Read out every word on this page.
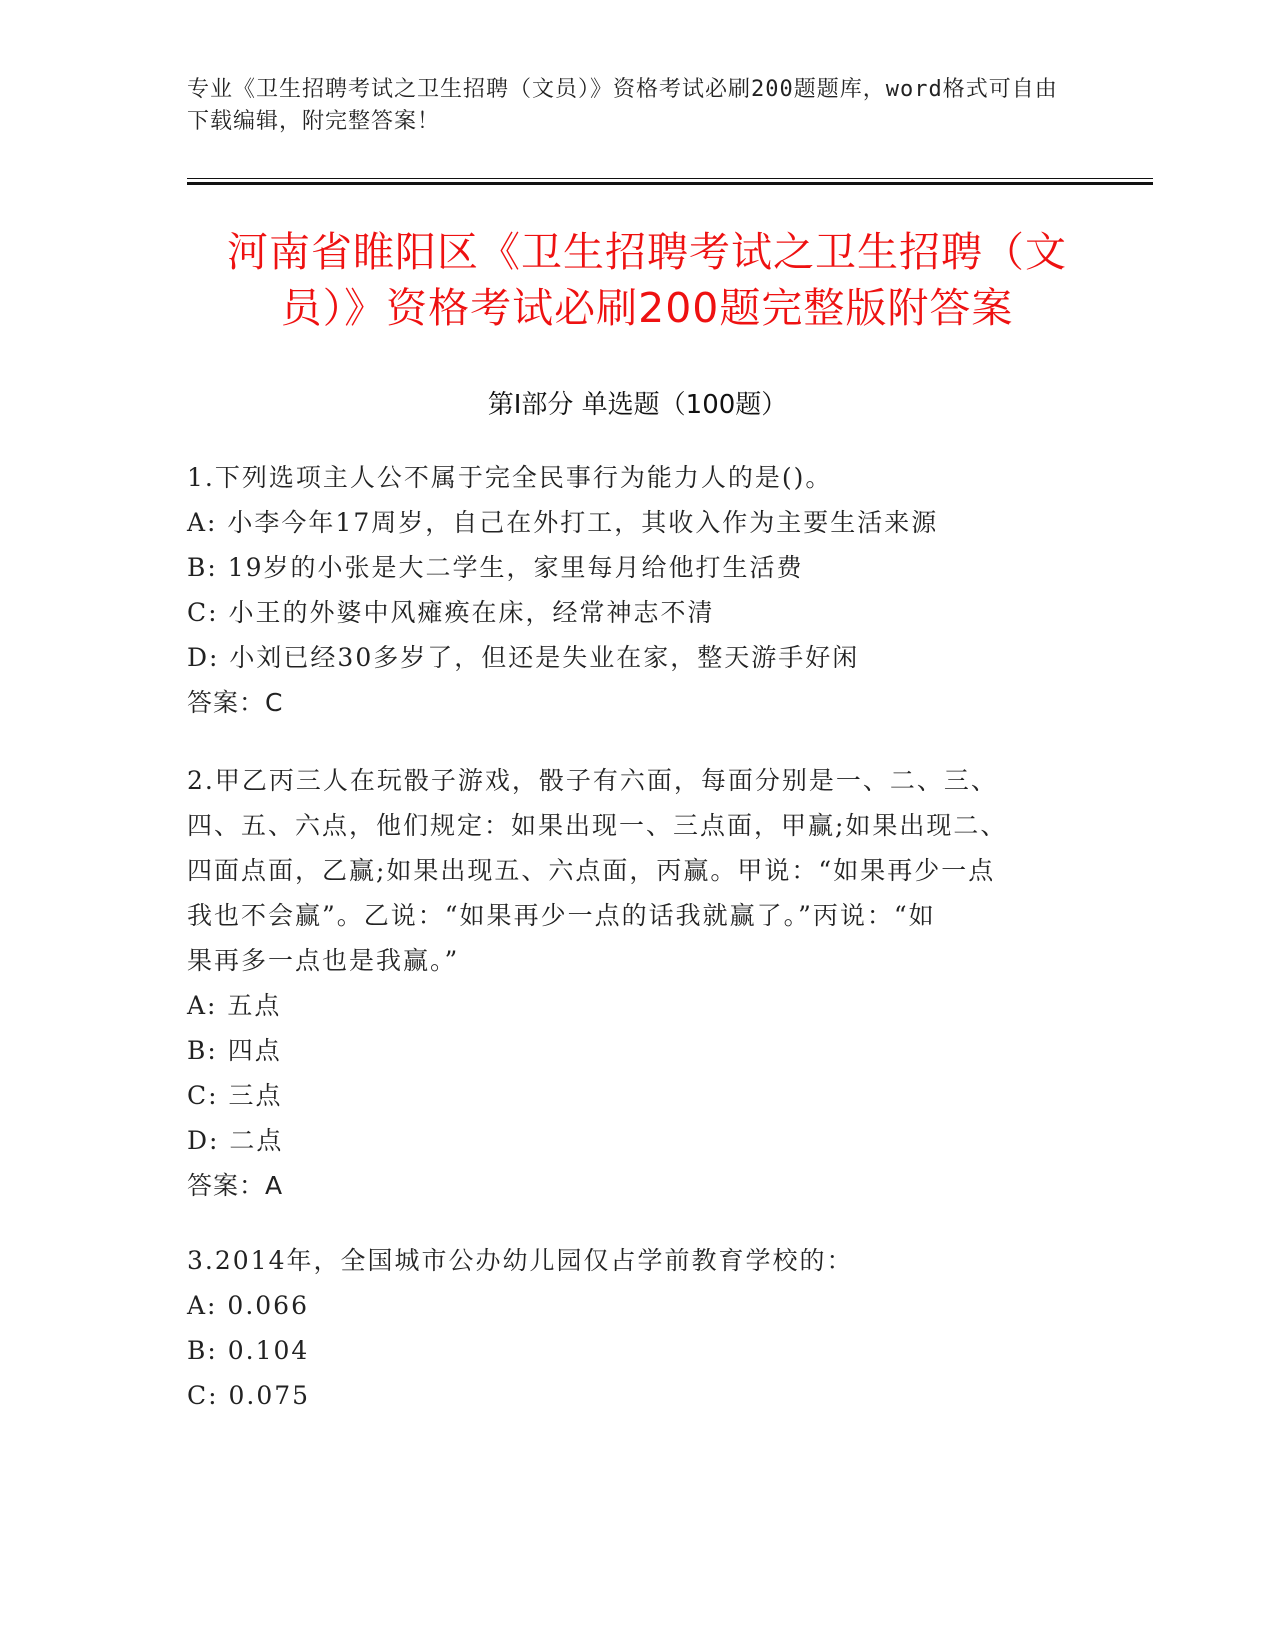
专业《卫生招聘考试之卫生招聘（文员）》资格考试必刷200题题库，word格式可自由下载编辑，附完整答案！
河南省睢阳区《卫生招聘考试之卫生招聘（文员）》资格考试必刷200题完整版附答案
第Ⅰ部分 单选题（100题）
1.下列选项主人公不属于完全民事行为能力人的是()。
A: 小李今年17周岁，自己在外打工，其收入作为主要生活来源
B: 19岁的小张是大二学生，家里每月给他打生活费
C: 小王的外婆中风瘫痪在床，经常神志不清
D: 小刘已经30多岁了，但还是失业在家，整天游手好闲
答案：C
2.甲乙丙三人在玩骰子游戏，骰子有六面，每面分别是一、二、三、
四、五、六点，他们规定：如果出现一、三点面，甲赢;如果出现二、
四面点面，乙赢;如果出现五、六点面，丙赢。甲说：“如果再少一点
我也不会赢”。乙说：“如果再少一点的话我就赢了。”丙说：“如
果再多一点也是我赢。”
A: 五点
B: 四点
C: 三点
D: 二点
答案：A
3.2014年，全国城市公办幼儿园仅占学前教育学校的：
A: 0.066
B: 0.104
C: 0.075
